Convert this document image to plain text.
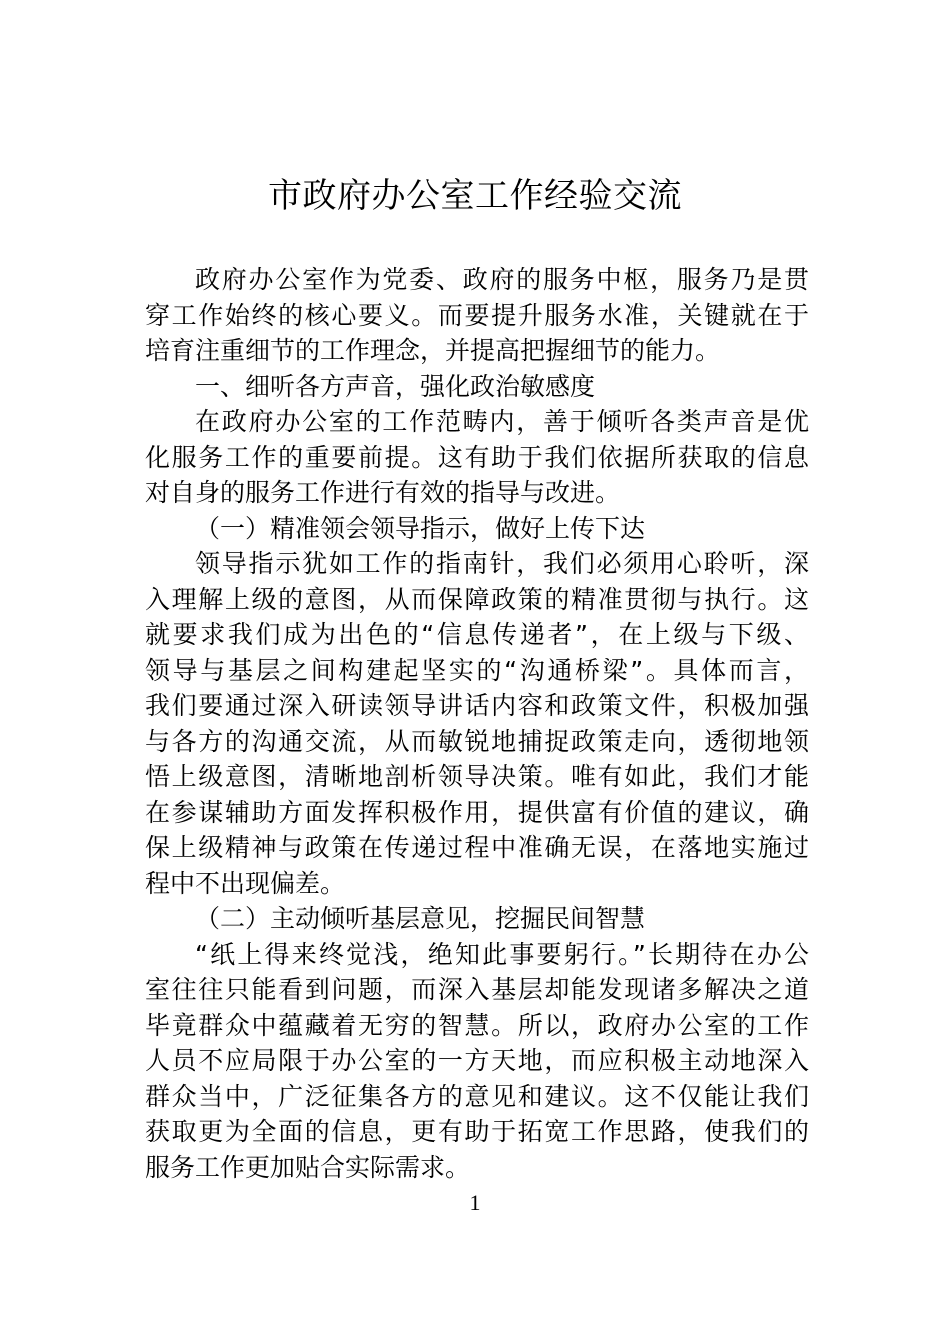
市政府办公室工作经验交流
政府办公室作为党委、政府的服务中枢，服务乃是贯
穿工作始终的核心要义。而要提升服务水准，关键就在于
培育注重细节的工作理念，并提高把握细节的能力。
一、细听各方声音，强化政治敏感度
在政府办公室的工作范畴内，善于倾听各类声音是优
化服务工作的重要前提。这有助于我们依据所获取的信息
对自身的服务工作进行有效的指导与改进。
（一）精准领会领导指示，做好上传下达
领导指示犹如工作的指南针，我们必须用心聆听，深
入理解上级的意图，从而保障政策的精准贯彻与执行。这
就要求我们成为出色的“信息传递者”，在上级与下级、
领导与基层之间构建起坚实的“沟通桥梁”。具体而言，
我们要通过深入研读领导讲话内容和政策文件，积极加强
与各方的沟通交流，从而敏锐地捕捉政策走向，透彻地领
悟上级意图，清晰地剖析领导决策。唯有如此，我们才能
在参谋辅助方面发挥积极作用，提供富有价值的建议，确
保上级精神与政策在传递过程中准确无误，在落地实施过
程中不出现偏差。
（二）主动倾听基层意见，挖掘民间智慧
“纸上得来终觉浅，绝知此事要躬行。”长期待在办公
室往往只能看到问题，而深入基层却能发现诸多解决之道
毕竟群众中蕴藏着无穷的智慧。所以，政府办公室的工作
人员不应局限于办公室的一方天地，而应积极主动地深入
群众当中，广泛征集各方的意见和建议。这不仅能让我们
获取更为全面的信息，更有助于拓宽工作思路，使我们的
服务工作更加贴合实际需求。
1
